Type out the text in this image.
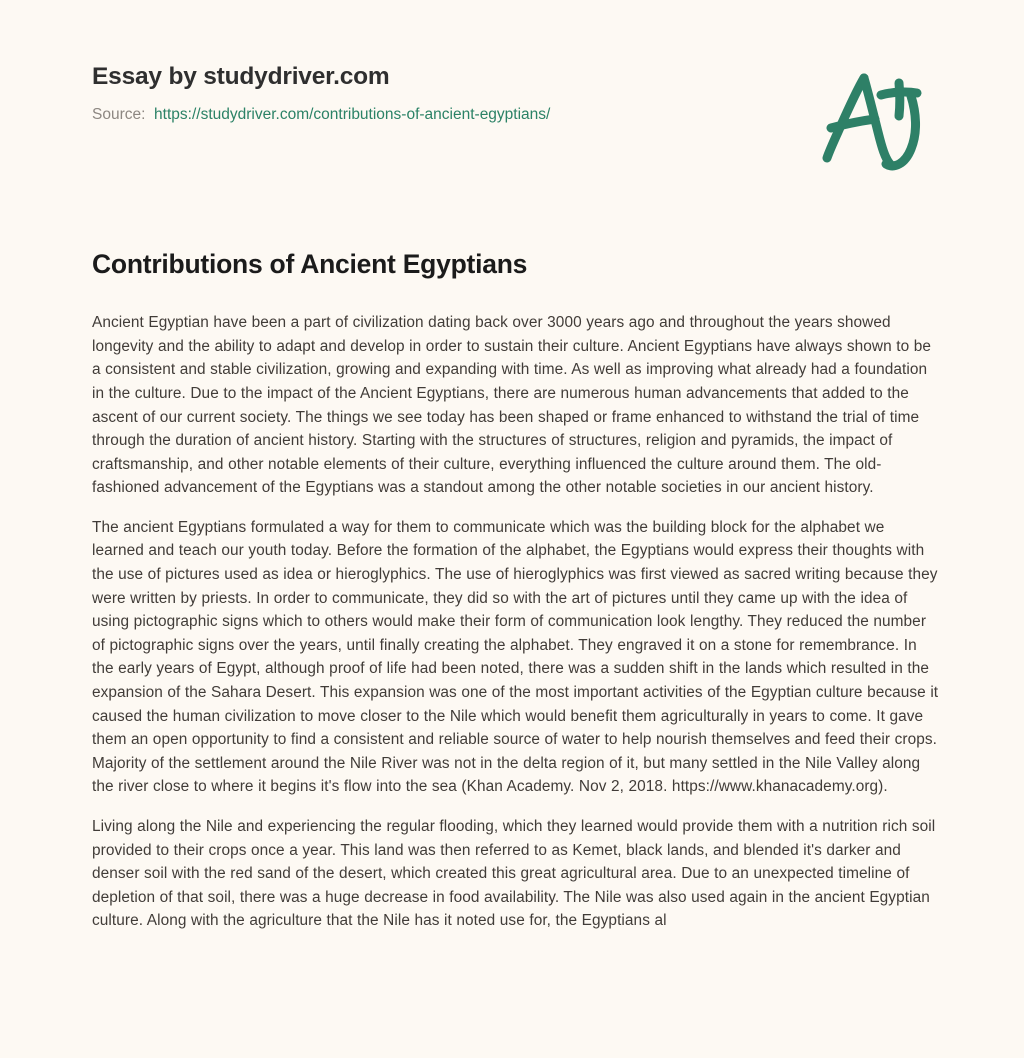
Essay by studydriver.com
Source: https://studydriver.com/contributions-of-ancient-egyptians/
Contributions of Ancient Egyptians

Ancient Egyptian have been a part of civilization dating back over 3000 years ago and throughout the years showed longevity and the ability to adapt and develop in order to sustain their culture. Ancient Egyptians have always shown to be a consistent and stable civilization, growing and expanding with time. As well as improving what already had a foundation in the culture. Due to the impact of the Ancient Egyptians, there are numerous human advancements that added to the ascent of our current society. The things we see today has been shaped or frame enhanced to withstand the trial of time through the duration of ancient history. Starting with the structures of structures, religion and pyramids, the impact of craftsmanship, and other notable elements of their culture, everything influenced the culture around them. The old-fashioned advancement of the Egyptians was a standout among the other notable societies in our ancient history.

The ancient Egyptians formulated a way for them to communicate which was the building block for the alphabet we learned and teach our youth today. Before the formation of the alphabet, the Egyptians would express their thoughts with the use of pictures used as idea or hieroglyphics. The use of hieroglyphics was first viewed as sacred writing because they were written by priests. In order to communicate, they did so with the art of pictures until they came up with the idea of using pictographic signs which to others would make their form of communication look lengthy. They reduced the number of pictographic signs over the years, until finally creating the alphabet. They engraved it on a stone for remembrance. In the early years of Egypt, although proof of life had been noted, there was a sudden shift in the lands which resulted in the expansion of the Sahara Desert. This expansion was one of the most important activities of the Egyptian culture because it caused the human civilization to move closer to the Nile which would benefit them agriculturally in years to come. It gave them an open opportunity to find a consistent and reliable source of water to help nourish themselves and feed their crops. Majority of the settlement around the Nile River was not in the delta region of it, but many settled in the Nile Valley along the river close to where it begins it's flow into the sea (Khan Academy. Nov 2, 2018. https://www.khanacademy.org).

Living along the Nile and experiencing the regular flooding, which they learned would provide them with a nutrition rich soil provided to their crops once a year. This land was then referred to as Kemet, black lands, and blended it's darker and denser soil with the red sand of the desert, which created this great agricultural area. Due to an unexpected timeline of depletion of that soil, there was a huge decrease in food availability. The Nile was also used again in the ancient Egyptian culture. Along with the agriculture that the Nile has it noted use for, the Egyptians al
